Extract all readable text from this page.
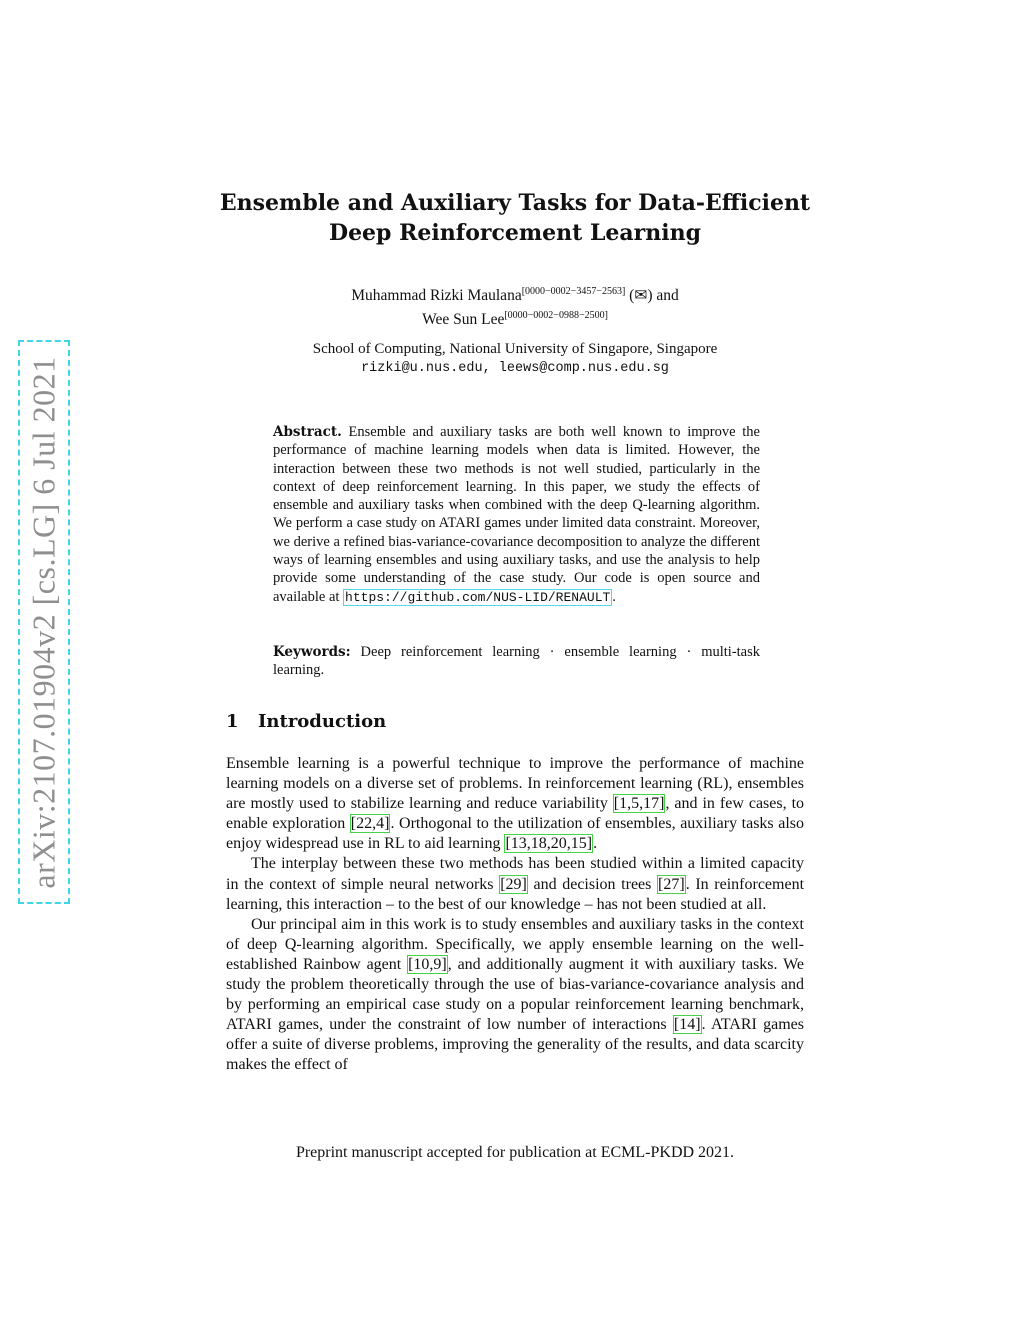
arXiv:2107.01904v2 [cs.LG] 6 Jul 2021
Ensemble and Auxiliary Tasks for Data-Efficient
Deep Reinforcement Learning
Muhammad Rizki Maulana[0000−0002−3457−2563] (✉) and
Wee Sun Lee[0000−0002−0988−2500]
School of Computing, National University of Singapore, Singapore
rizki@u.nus.edu, leews@comp.nus.edu.sg
Abstract. Ensemble and auxiliary tasks are both well known to improve the performance of machine learning models when data is limited. However, the interaction between these two methods is not well studied, particularly in the context of deep reinforcement learning. In this paper, we study the effects of ensemble and auxiliary tasks when combined with the deep Q-learning algorithm. We perform a case study on ATARI games under limited data constraint. Moreover, we derive a refined bias-variance-covariance decomposition to analyze the different ways of learning ensembles and using auxiliary tasks, and use the analysis to help provide some understanding of the case study. Our code is open source and available at https://github.com/NUS-LID/RENAULT .
Keywords: Deep reinforcement learning · ensemble learning · multi-task learning.
1 Introduction

Ensemble learning is a powerful technique to improve the performance of machine learning models on a diverse set of problems. In reinforcement learning (RL), ensembles are mostly used to stabilize learning and reduce variability [1,5,17], and in few cases, to enable exploration [22,4]. Orthogonal to the utilization of ensembles, auxiliary tasks also enjoy widespread use in RL to aid learning [13,18,20,15].

The interplay between these two methods has been studied within a limited capacity in the context of simple neural networks [29] and decision trees [27]. In reinforcement learning, this interaction – to the best of our knowledge – has not been studied at all.

Our principal aim in this work is to study ensembles and auxiliary tasks in the context of deep Q-learning algorithm. Specifically, we apply ensemble learning on the well-established Rainbow agent [10,9], and additionally augment it with auxiliary tasks. We study the problem theoretically through the use of bias-variance-covariance analysis and by performing an empirical case study on a popular reinforcement learning benchmark, ATARI games, under the constraint of low number of interactions [14]. ATARI games offer a suite of diverse problems, improving the generality of the results, and data scarcity makes the effect of

Preprint manuscript accepted for publication at ECML-PKDD 2021.
